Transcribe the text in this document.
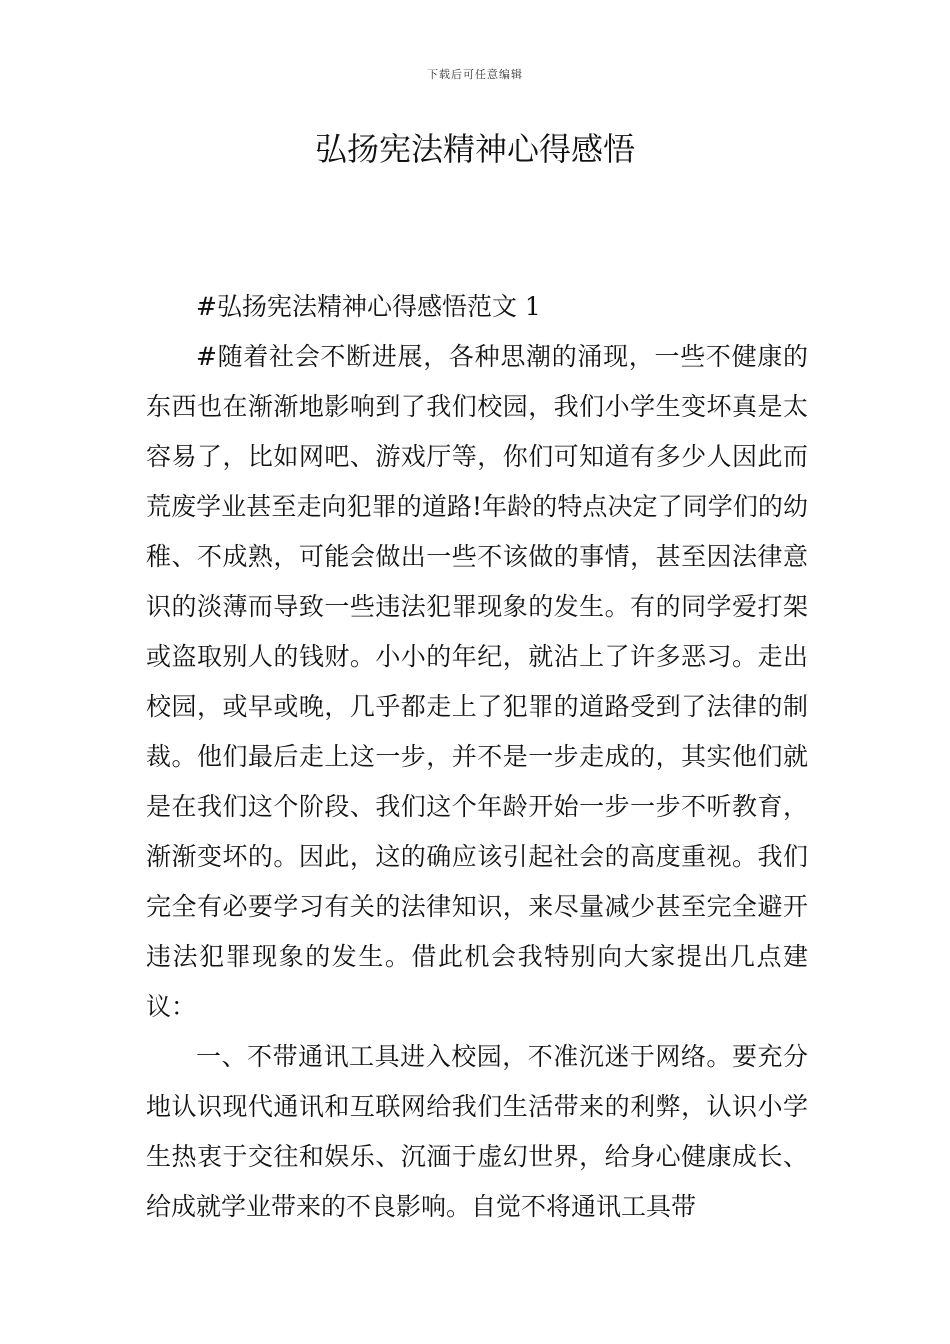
下载后可任意编辑
弘扬宪法精神心得感悟

#弘扬宪法精神心得感悟范文 1

#随着社会不断进展，各种思潮的涌现，一些不健康的东西也在渐渐地影响到了我们校园，我们小学生变坏真是太容易了，比如网吧、游戏厅等，你们可知道有多少人因此而荒废学业甚至走向犯罪的道路!年龄的特点决定了同学们的幼稚、不成熟，可能会做出一些不该做的事情，甚至因法律意识的淡薄而导致一些违法犯罪现象的发生。有的同学爱打架或盗取别人的钱财。小小的年纪，就沾上了许多恶习。走出校园，或早或晚，几乎都走上了犯罪的道路受到了法律的制裁。他们最后走上这一步，并不是一步走成的，其实他们就是在我们这个阶段、我们这个年龄开始一步一步不听教育，渐渐变坏的。因此，这的确应该引起社会的高度重视。我们完全有必要学习有关的法律知识，来尽量减少甚至完全避开违法犯罪现象的发生。借此机会我特别向大家提出几点建议：

一、不带通讯工具进入校园，不准沉迷于网络。要充分地认识现代通讯和互联网给我们生活带来的利弊，认识小学生热衷于交往和娱乐、沉湎于虚幻世界，给身心健康成长、给成就学业带来的不良影响。自觉不将通讯工具带
